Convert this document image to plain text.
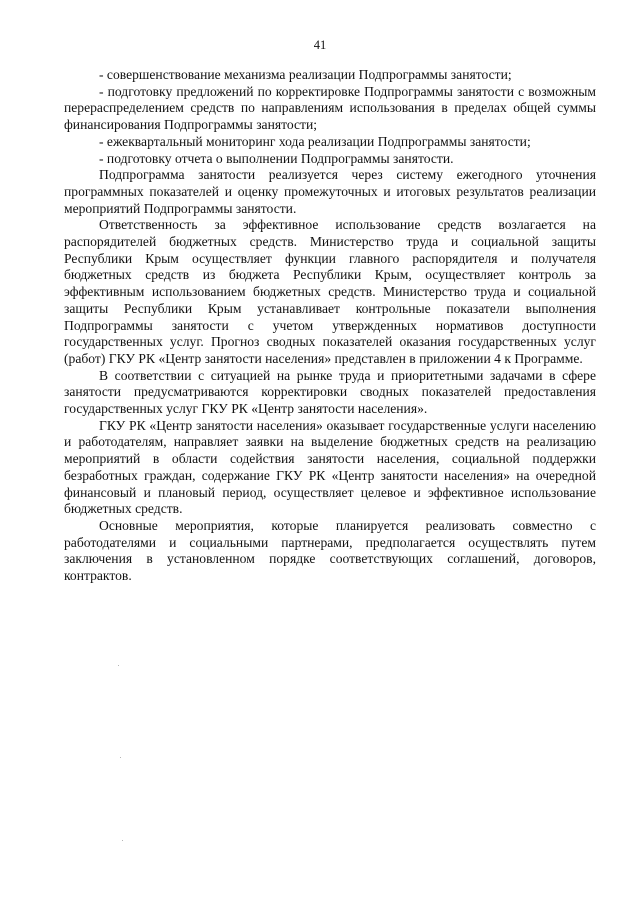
41

- совершенствование механизма реализации Подпрограммы занятости;

- подготовку предложений по корректировке Подпрограммы занятости с возможным перераспределением средств по направлениям использования в пределах общей суммы финансирования Подпрограммы занятости;

- ежеквартальный мониторинг хода реализации Подпрограммы занятости;

- подготовку отчета о выполнении Подпрограммы занятости.

Подпрограмма занятости реализуется через систему ежегодного уточнения программных показателей и оценку промежуточных и итоговых результатов реализации мероприятий Подпрограммы занятости.

Ответственность за эффективное использование средств возлагается на распорядителей бюджетных средств. Министерство труда и социальной защиты Республики Крым осуществляет функции главного распорядителя и получателя бюджетных средств из бюджета Республики Крым, осуществляет контроль за эффективным использованием бюджетных средств. Министерство труда и социальной защиты Республики Крым устанавливает контрольные показатели выполнения Подпрограммы занятости с учетом утвержденных нормативов доступности государственных услуг. Прогноз сводных показателей оказания государственных услуг (работ) ГКУ РК «Центр занятости населения» представлен в приложении 4 к Программе.

В соответствии с ситуацией на рынке труда и приоритетными задачами в сфере занятости предусматриваются корректировки сводных показателей предоставления государственных услуг ГКУ РК «Центр занятости населения».

ГКУ РК «Центр занятости населения» оказывает государственные услуги населению и работодателям, направляет заявки на выделение бюджетных средств на реализацию мероприятий в области содействия занятости населения, социальной поддержки безработных граждан, содержание ГКУ РК «Центр занятости населения» на очередной финансовый и плановый период, осуществляет целевое и эффективное использование бюджетных средств.

Основные мероприятия, которые планируется реализовать совместно с работодателями и социальными партнерами, предполагается осуществлять путем заключения в установленном порядке соответствующих соглашений, договоров, контрактов.
